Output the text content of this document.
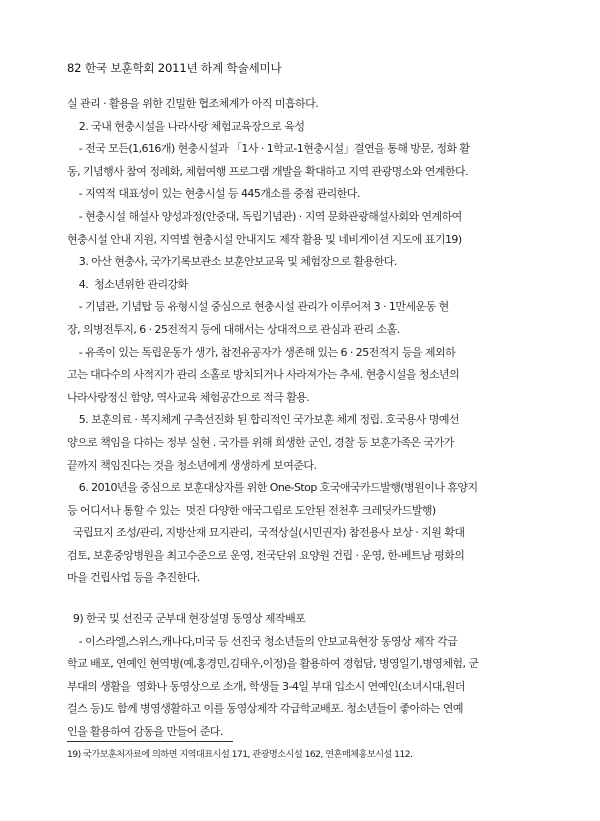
82 한국 보훈학회 2011년 하계 학술세미나
실 관리 · 활용을 위한 긴밀한 협조체계가 아직 미흡하다.
2. 국내 현충시설을 나라사랑 체험교육장으로 육성
- 전국 모든(1,616개) 현충시설과 「1사 · 1학교-1현충시설」결연을 통해 방문, 정화 활
동, 기념행사 참여 정례화, 체험여행 프로그램 개발을 확대하고 지역 관광명소와 연계한다.
- 지역적 대표성이 있는 현충시설 등 445개소를 중점 관리한다.
- 현충시설 해설사 양성과정(안중대, 독립기념관) · 지역 문화관광해설사회와 연계하여
현충시설 안내 지원, 지역별 현충시설 안내지도 제작 활용 및 네비게이션 지도에 표기19)
3. 아산 현충사, 국가기록보관소 보훈안보교육 및 체험장으로 활용한다.
4.  청소년위한 관리강화
- 기념관, 기념탑 등 유형시설 중심으로 현충시설 관리가 이루어져 3 · 1만세운동 현
장, 의병전투지, 6 · 25전적지 등에 대해서는 상대적으로 관심과 관리 소홀.
- 유족이 있는 독립운동가 생가, 참전유공자가 생존해 있는 6 · 25전적지 등을 제외하
고는 대다수의 사적지가 관리 소홀로 방치되거나 사라져가는 추세. 현충시설을 청소년의
나라사랑정신 함양, 역사교육 체험공간으로 적극 활용.
5. 보훈의료 · 복지체계 구축선진화 된 합리적인 국가보훈 체계 정립. 호국용사 명예선
양으로 책임을 다하는 정부 실현 . 국가를 위해 희생한 군인, 경찰 등 보훈가족은 국가가
끝까지 책임진다는 것을 청소년에게 생생하게 보여준다.
6. 2010년을 중심으로 보훈대상자를 위한 One-Stop 호국애국카드발행(병원이나 휴양지
등 어디서나 통할 수 있는  멋진 다양한 애국그림로 도안된 전천후 크레딧카드발행)
국립묘지 조성/관리, 지방산재 묘지관리,  국적상실(시민권자) 참전용사 보상 · 지원 확대
검토, 보훈중앙병원을 최고수준으로 운영, 전국단위 요양원 건립 · 운영, 한-베트남 평화의
마을 건립사업 등을 추진한다.
9) 한국 및 선진국 군부대 현장설명 동영상 제작배포
- 이스라엘,스위스,캐나다,미국 등 선진국 청소년들의 안보교육현장 동영상 제작 각급
학교 배포, 연예인 현역병(예,홍경민,김태우,이정)을 활용하여 경험담, 병영일기,병영체험, 군
부대의 생활을  영화나 동영상으로 소개, 학생들 3-4일 부대 입소시 연예인(소녀시대,원더
걸스 등)도 함께 병영생활하고 이를 동영상제작 각급학교배포. 청소년들이 좋아하는 연예
인을 활용하여 감동을 만들어 준다.
19) 국가보훈처자료에 의하면 지역대표시설 171, 관광명소시설 162, 연혼매체홍보시설 112.
